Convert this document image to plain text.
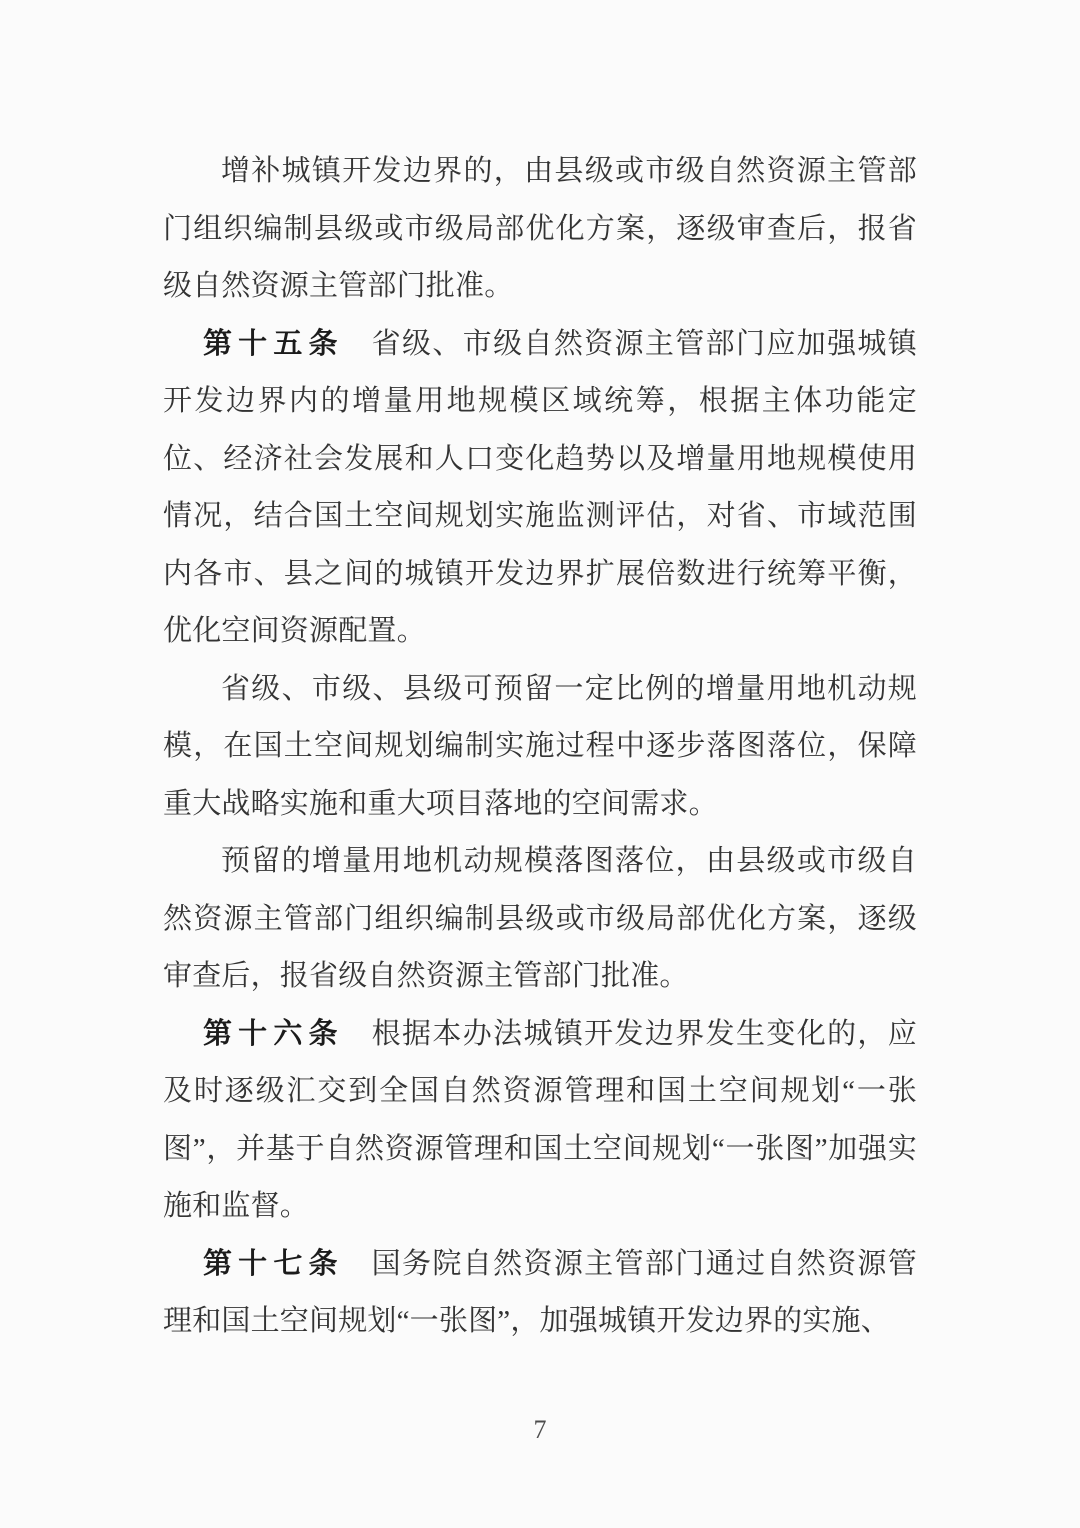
增补城镇开发边界的，由县级或市级自然资源主管部门组织编制县级或市级局部优化方案，逐级审查后，报省级自然资源主管部门批准。

第十五条 省级、市级自然资源主管部门应加强城镇开发边界内的增量用地规模区域统筹，根据主体功能定位、经济社会发展和人口变化趋势以及增量用地规模使用情况，结合国土空间规划实施监测评估，对省、市域范围内各市、县之间的城镇开发边界扩展倍数进行统筹平衡，优化空间资源配置。

省级、市级、县级可预留一定比例的增量用地机动规模，在国土空间规划编制实施过程中逐步落图落位，保障重大战略实施和重大项目落地的空间需求。

预留的增量用地机动规模落图落位，由县级或市级自然资源主管部门组织编制县级或市级局部优化方案，逐级审查后，报省级自然资源主管部门批准。

第十六条 根据本办法城镇开发边界发生变化的，应及时逐级汇交到全国自然资源管理和国土空间规划“一张图”，并基于自然资源管理和国土空间规划“一张图”加强实施和监督。

第十七条 国务院自然资源主管部门通过自然资源管理和国土空间规划“一张图”，加强城镇开发边界的实施、

7
